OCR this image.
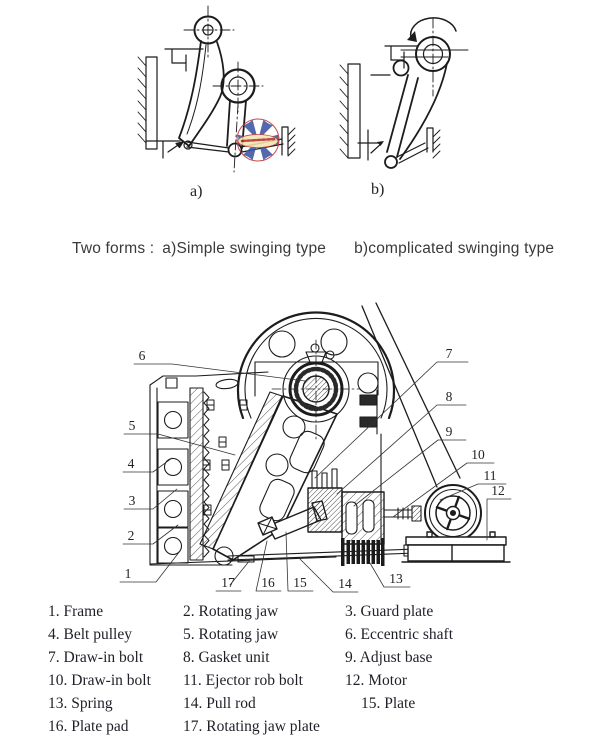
a)	b)
Two forms : a)Simple swinging type b)complicated swinging type
6
5
4
3
2
1
7
8
9
10
11
12
13
14
15
16
17
1. Frame	2. Rotating jaw	3. Guard plate
4. Belt pulley	5. Rotating jaw	6. Eccentric shaft
7. Draw-in bolt	8. Gasket unit	9. Adjust base
10. Draw-in bolt	11. Ejector rob bolt	12. Motor
13. Spring	14. Pull rod	15. Plate
16. Plate pad	17. Rotating jaw plate
